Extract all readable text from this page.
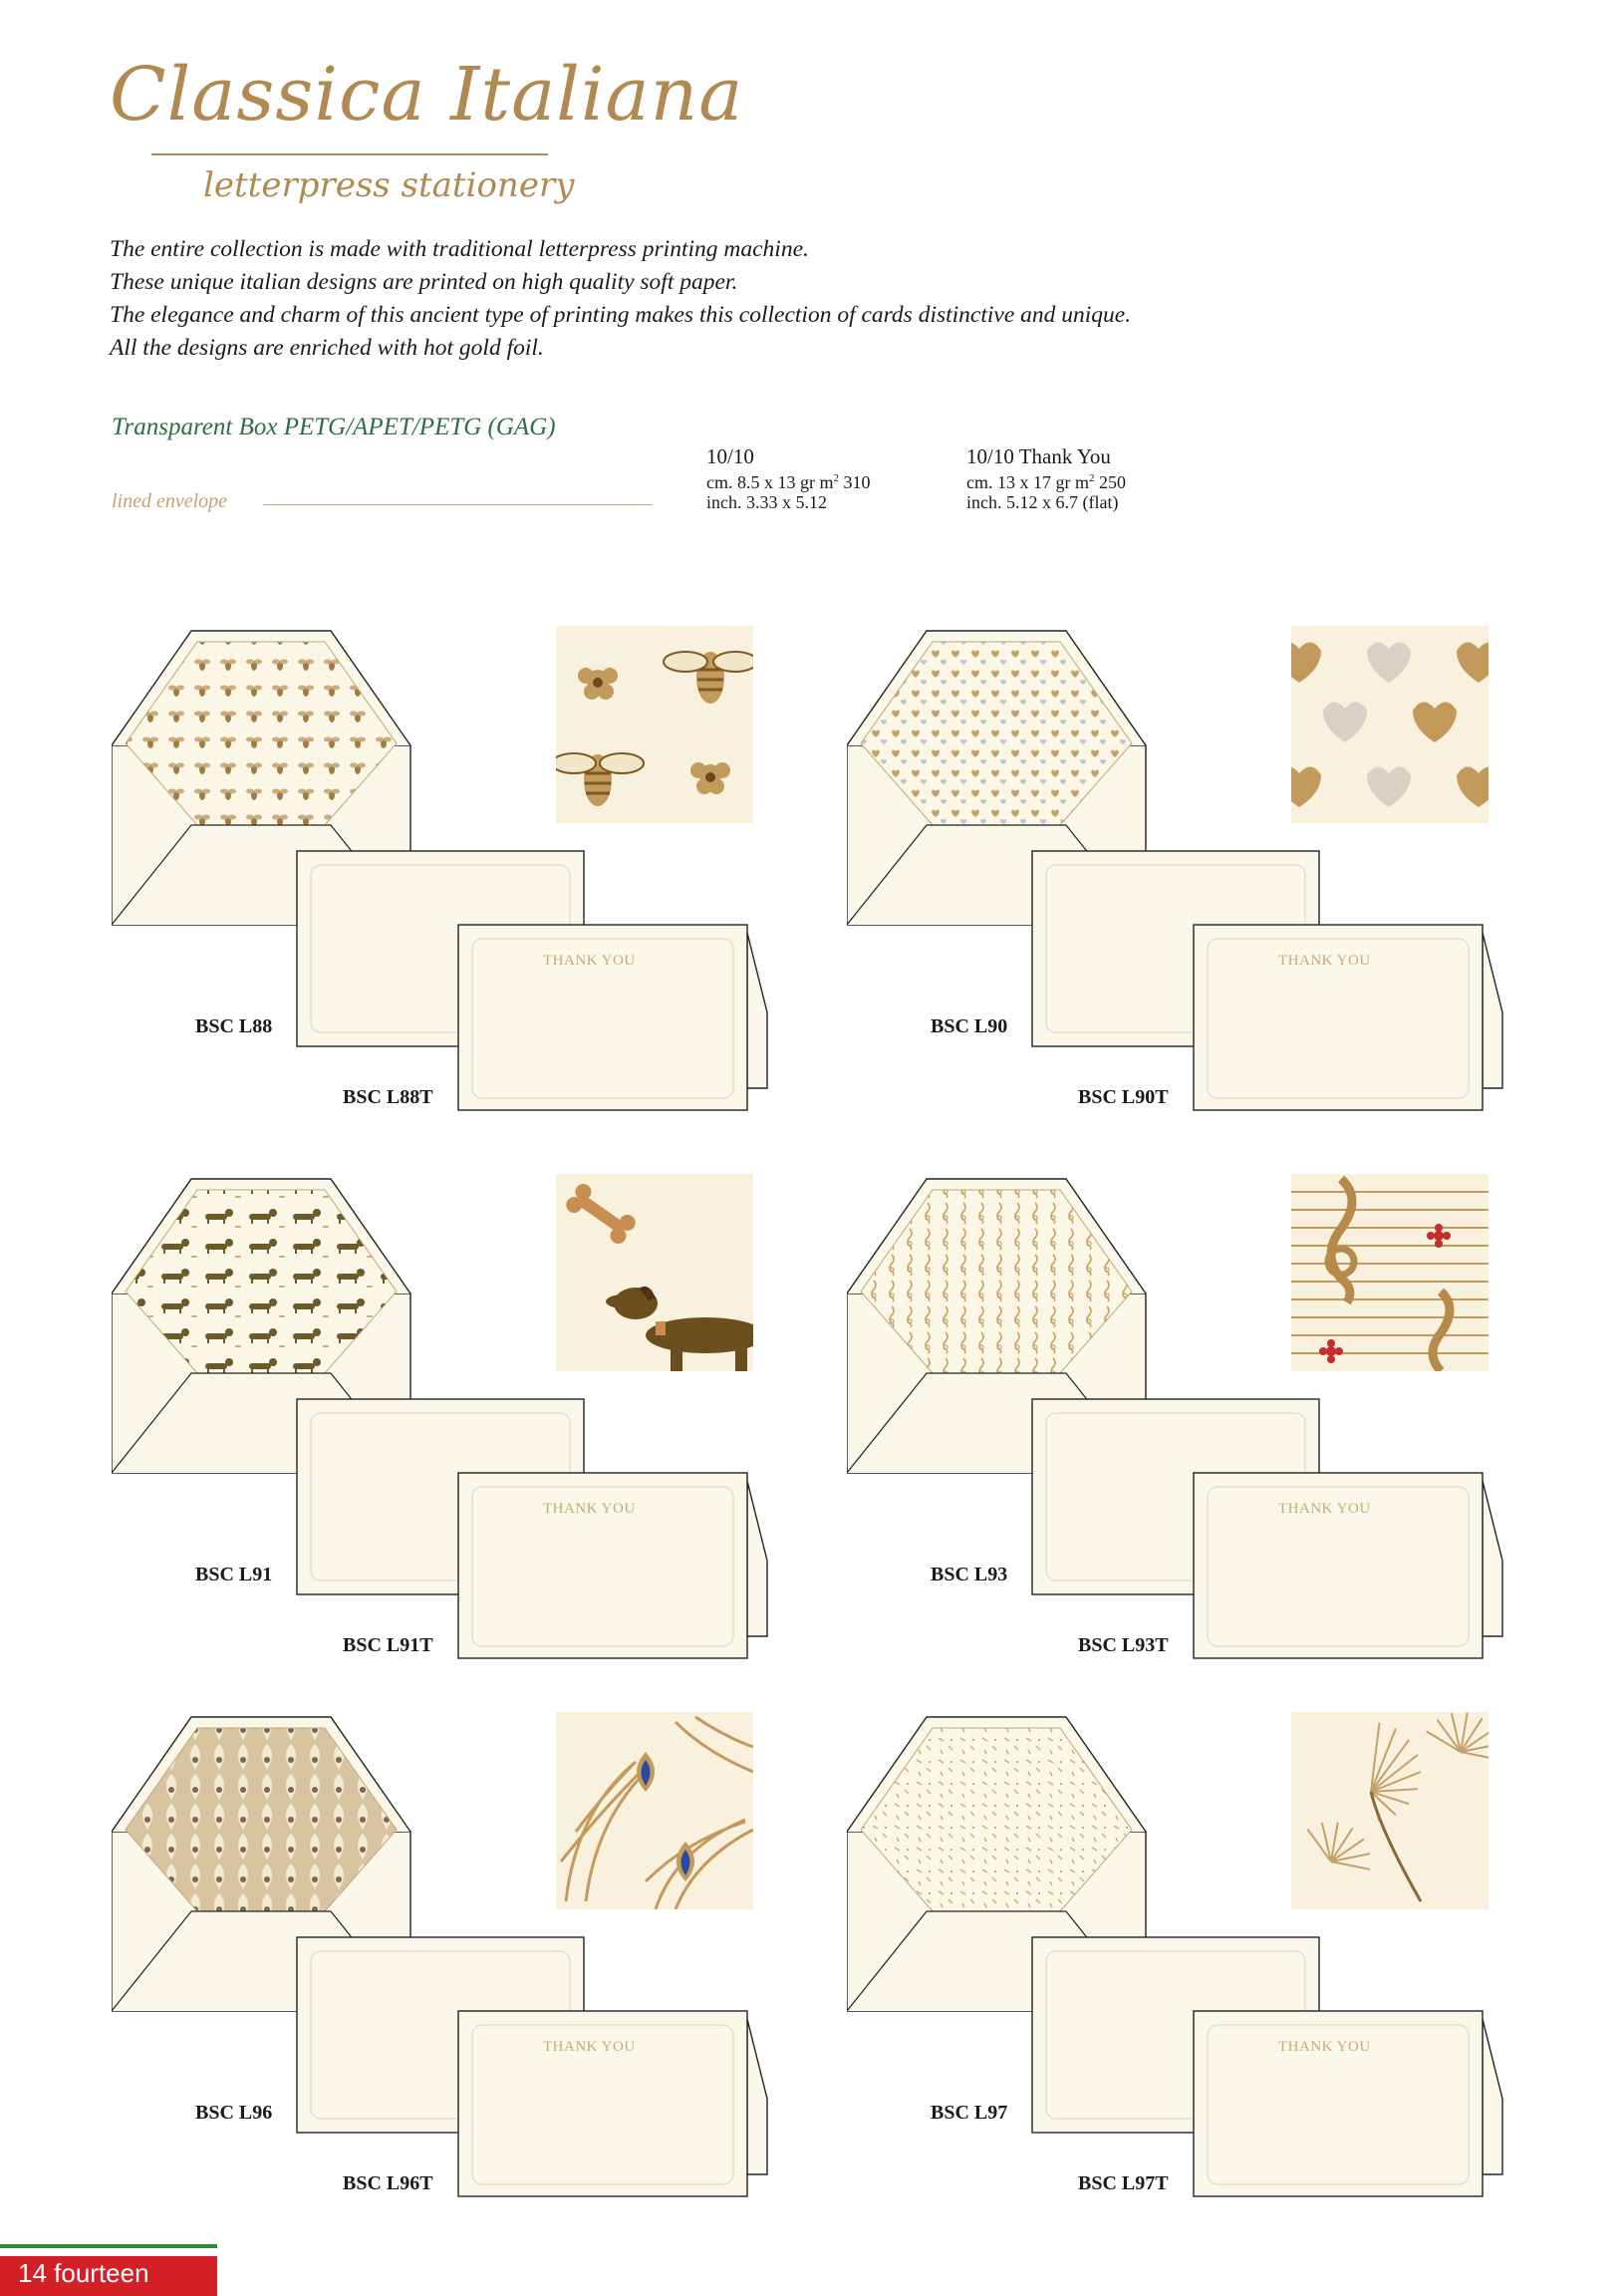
Classica Italiana
letterpress stationery
The entire collection is made with traditional letterpress printing machine.
These unique italian designs are printed on high quality soft paper.
The elegance and charm of this ancient type of printing makes this collection of cards distinctive and unique.
All the designs are enriched with hot gold foil.
Transparent Box PETG/APET/PETG (GAG)
lined envelope
10/10
cm. 8.5 x 13 gr $m^2$ 310
inch. 3.33 x 5.12
10/10 Thank You
cm. 13 x 17 gr $m^2$ 250
inch. 5.12 x 6.7 (flat)
THANK YOU
BSC L88
BSC L88T
THANK YOU
BSC L90
BSC L90T
THANK YOU
BSC L91
BSC L91T
THANK YOU
BSC L93
BSC L93T
THANK YOU
BSC L96
BSC L96T
THANK YOU
BSC L97
BSC L97T
14 fourteen
